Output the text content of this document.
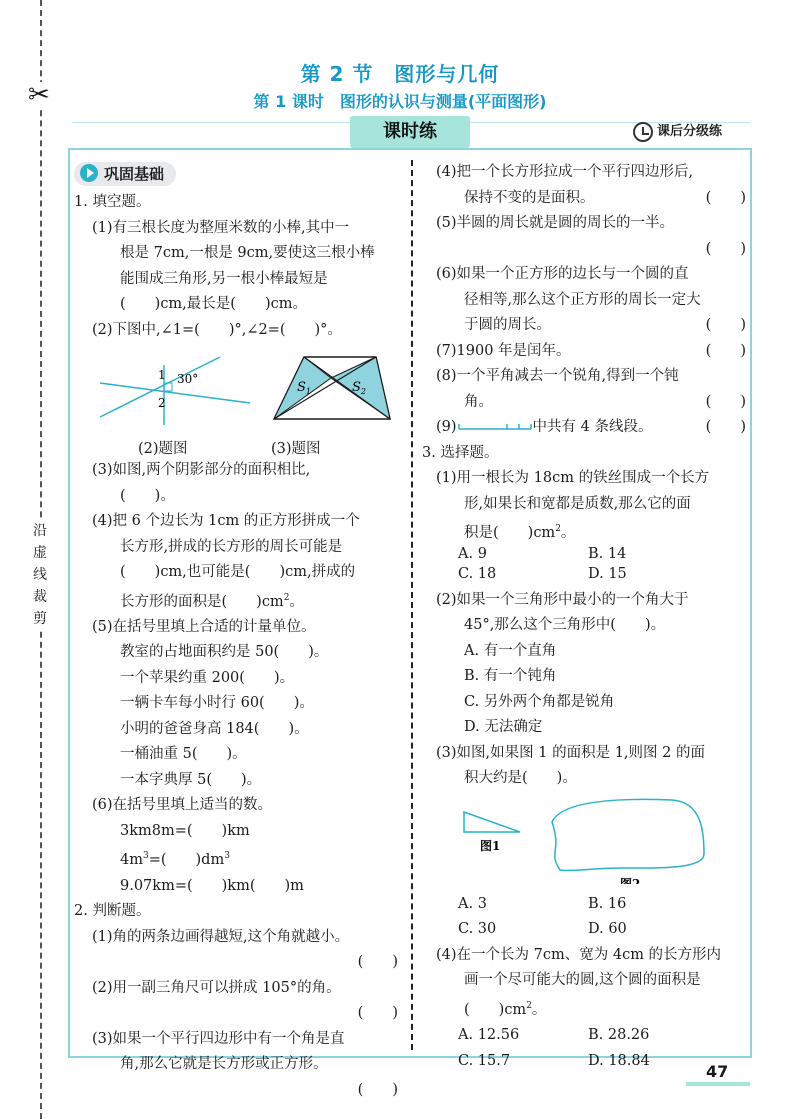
✂
沿虚线裁剪
第 2 节　图形与几何
第 1 课时　图形的认识与测量(平面图形)
课时练	课后分级练
巩固基础

1. 填空题。

(1)有三根长度为整厘米数的小棒,其中一

根是 7cm,一根是 9cm,要使这三根小棒

能围成三角形,另一根小棒最短是

(　　)cm,最长是(　　)cm。

(2)下图中,∠1=(　　)°,∠2=(　　)°。

1
2
30°
$S_1$	$S_2$
(2)题图	(3)题图

(3)如图,两个阴影部分的面积相比,

(　　)。

(4)把 6 个边长为 1cm 的正方形拼成一个

长方形,拼成的长方形的周长可能是

(　　)cm,也可能是(　　)cm,拼成的

长方形的面积是(　　)$cm^2$。

(5)在括号里填上合适的计量单位。

教室的占地面积约是 50(　　)。

一个苹果约重 200(　　)。

一辆卡车每小时行 60(　　)。

小明的爸爸身高 184(　　)。

一桶油重 5(　　)。

一本字典厚 5(　　)。

(6)在括号里填上适当的数。

3km8m=(　　)km

$4m^3=$(　　)$dm^3$

9.07km=(　　)km(　　)m

2. 判断题。

(1)角的两条边画得越短,这个角就越小。

(　　)

(2)用一副三角尺可以拼成 105°的角。

(　　)

(3)如果一个平行四边形中有一个角是直

角,那么它就是长方形或正方形。

(　　)

(4)把一个长方形拉成一个平行四边形后,

保持不变的是面积。	(　　)

(5)半圆的周长就是圆的周长的一半。

(　　)

(6)如果一个正方形的边长与一个圆的直

径相等,那么这个正方形的周长一定大

于圆的周长。	(　　)

(7)1900 年是闰年。	(　　)

(8)一个平角减去一个锐角,得到一个钝

角。	(　　)

(9)	中共有 4 条线段。	(　　)

3. 选择题。

(1)用一根长为 18cm 的铁丝围成一个长方

形,如果长和宽都是质数,那么它的面

积是(　　)$cm^2$。

A. 9	B. 14
C. 18	D. 15

(2)如果一个三角形中最小的一个角大于

45°,那么这个三角形中(　　)。

A. 有一个直角

B. 有一个钝角

C. 另外两个角都是锐角

D. 无法确定

(3)如图,如果图 1 的面积是 1,则图 2 的面

积大约是(　　)。

图1
图2
A. 3	B. 16
C. 30	D. 60

(4)在一个长为 7cm、宽为 4cm 的长方形内

画一个尽可能大的圆,这个圆的面积是

(　　)$cm^2$。

A. 12.56	B. 28.26
C. 15.7	D. 18.84
47
